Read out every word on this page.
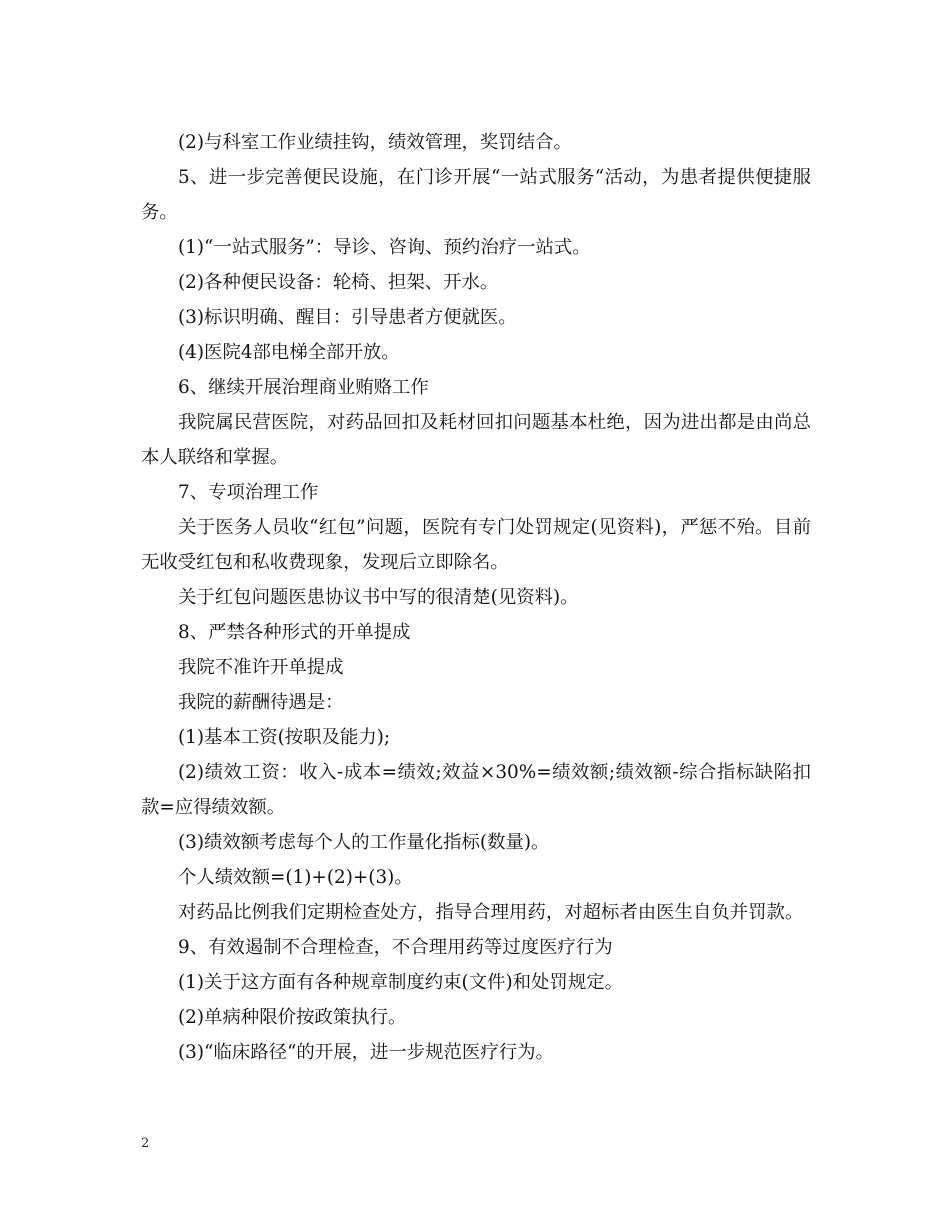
(2)与科室工作业绩挂钩，绩效管理，奖罚结合。

5、进一步完善便民设施，在门诊开展“一站式服务“活动，为患者提供便捷服务。

(1)“一站式服务”：导诊、咨询、预约治疗一站式。

(2)各种便民设备：轮椅、担架、开水。

(3)标识明确、醒目：引导患者方便就医。

(4)医院4部电梯全部开放。

6、继续开展治理商业贿赂工作

我院属民营医院，对药品回扣及耗材回扣问题基本杜绝，因为进出都是由尚总本人联络和掌握。

7、专项治理工作

关于医务人员收“红包”问题，医院有专门处罚规定(见资料)，严惩不殆。目前无收受红包和私收费现象，发现后立即除名。

关于红包问题医患协议书中写的很清楚(见资料)。

8、严禁各种形式的开单提成

我院不准许开单提成

我院的薪酬待遇是：

(1)基本工资(按职及能力);

(2)绩效工资：收入-成本=绩效;效益×30%=绩效额;绩效额-综合指标缺陷扣款=应得绩效额。

(3)绩效额考虑每个人的工作量化指标(数量)。

个人绩效额=(1)+(2)+(3)。

对药品比例我们定期检查处方，指导合理用药，对超标者由医生自负并罚款。

9、有效遏制不合理检查，不合理用药等过度医疗行为

(1)关于这方面有各种规章制度约束(文件)和处罚规定。

(2)单病种限价按政策执行。

(3)“临床路径“的开展，进一步规范医疗行为。

2
